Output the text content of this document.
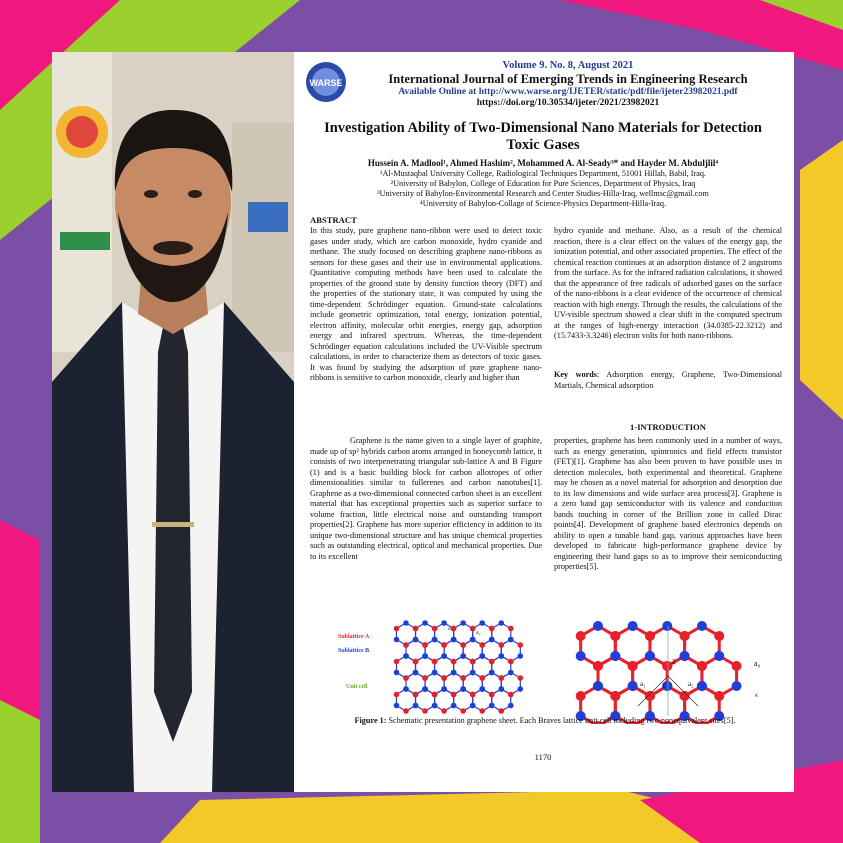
WARSE
Volume 9. No. 8, August 2021
International Journal of Emerging Trends in Engineering Research
Available Online at http://www.warse.org/IJETER/static/pdf/file/ijeter23982021.pdf
https://doi.org/10.30534/ijeter/2021/23982021
Investigation Ability of Two-Dimensional Nano Materials for Detection Toxic Gases
Hussein A. Madlool¹, Ahmed Hashim², Mohammed A. Al-Seady³* and Hayder M. Abduljlil⁴
¹Al-Mustaqbal University College, Radiological Techniques Department, 51001 Hillah, Babil, Iraq.
²University of Babylon, College of Education for Pure Sciences, Department of Physics, Iraq
³University of Babylon-Environmental Research and Center Studies-Hilla-Iraq, wellmsc@gmail.com
⁴University of Babylon-Collage of Science-Physics Department-Hilla-Iraq.
ABSTRACT
In this study, pure graphene nano-ribbon were used to detect toxic gases under study, which are carbon monoxide, hydro cyanide and methane. The study focused on describing graphene nano-ribbons as sensors for these gases and their use in environmental applications. Quantitative computing methods have been used to calculate the properties of the ground state by density function theory (DFT) and the properties of the stationary state, it was computed by using the time-dependent Schrödinger equation. Ground-state calculations include geometric optimization, total energy, ionization potential, electron affinity, molecular orbit energies, energy gap, adsorption energy and infrared spectrum. Whereas, the time-dependent Schrödinger equation calculations included the UV-Visible spectrum calculations, in order to characterize them as detectors of toxic gases. It was found by studying the adsorption of pure graphene nano-ribbons is sensitive to carbon monoxide, clearly and higher than
hydro cyanide and methane. Also, as a result of the chemical reaction, there is a clear effect on the values of the energy gap, the ionization potential, and other associated properties. The effect of the chemical reaction continues at an adsorption distance of 2 angstroms from the surface. As for the infrared radiation calculations, it showed that the appearance of free radicals of adsorbed gases on the surface of the nano-ribbons is a clear evidence of the occurrence of chemical reaction with high energy. Through the results, the calculations of the UV-visible spectrum showed a clear shift in the computed spectrum at the ranges of high-energy interaction (34.0385-22.3212) and (15.7433-3.3246) electron volts for both nano-ribbons.
Key words: Adsorption energy, Graphene, Two-Dimensional Martials, Chemical adsorption
1-INTRODUCTION
Graphene is the name given to a single layer of graphite, made up of sp² hybrids carbon atoms arranged in honeycomb lattice, it consists of two interpenetrating triangular sub-lattice A and B Figure (1) and is a basic building block for carbon allotropes of other dimensionalities similar to fullerenes and carbon nanotubes[1]. Graphene as a two-dimensional connected carbon sheet is an excellent material that has exceptional properties such as superior surface to volume fraction, little electrical noise and outstanding transport properties[2]. Graphene has more superior efficiency in addition to its unique two-dimensional structure and has unique chemical properties such as outstanding electrical, optical and mechanical properties. Due to its excellent
properties, graphene has been commonly used in a number of ways, such as energy generation, spintronics and field effects transistor (FET)[1]. Graphene has also been proven to have possible uses in detection molecules, both experimental and theoretical. Graphene may be chosen as a novel material for adsorption and desorption due to its low dimensions and wide surface area process[3]. Graphene is a zero band gap semiconductor with its valence and conduction bands touching in corner of the Brillion zone in called Dirac points[4]. Development of graphene based electronics depends on ability to open a tunable band gap, various approaches have been developed to fabricate high-performance graphene device by engineering their band gaps so as to improve their semiconducting properties[5].
Sublattice A
Sublattice B
Unit cell
a₁
a₂
a₁	a₂
1
2	a₀
×
Figure 1: Schematic presentation graphene sheet. Each Braves lattice unit cell including two nonequivalent sites[5].
1170
